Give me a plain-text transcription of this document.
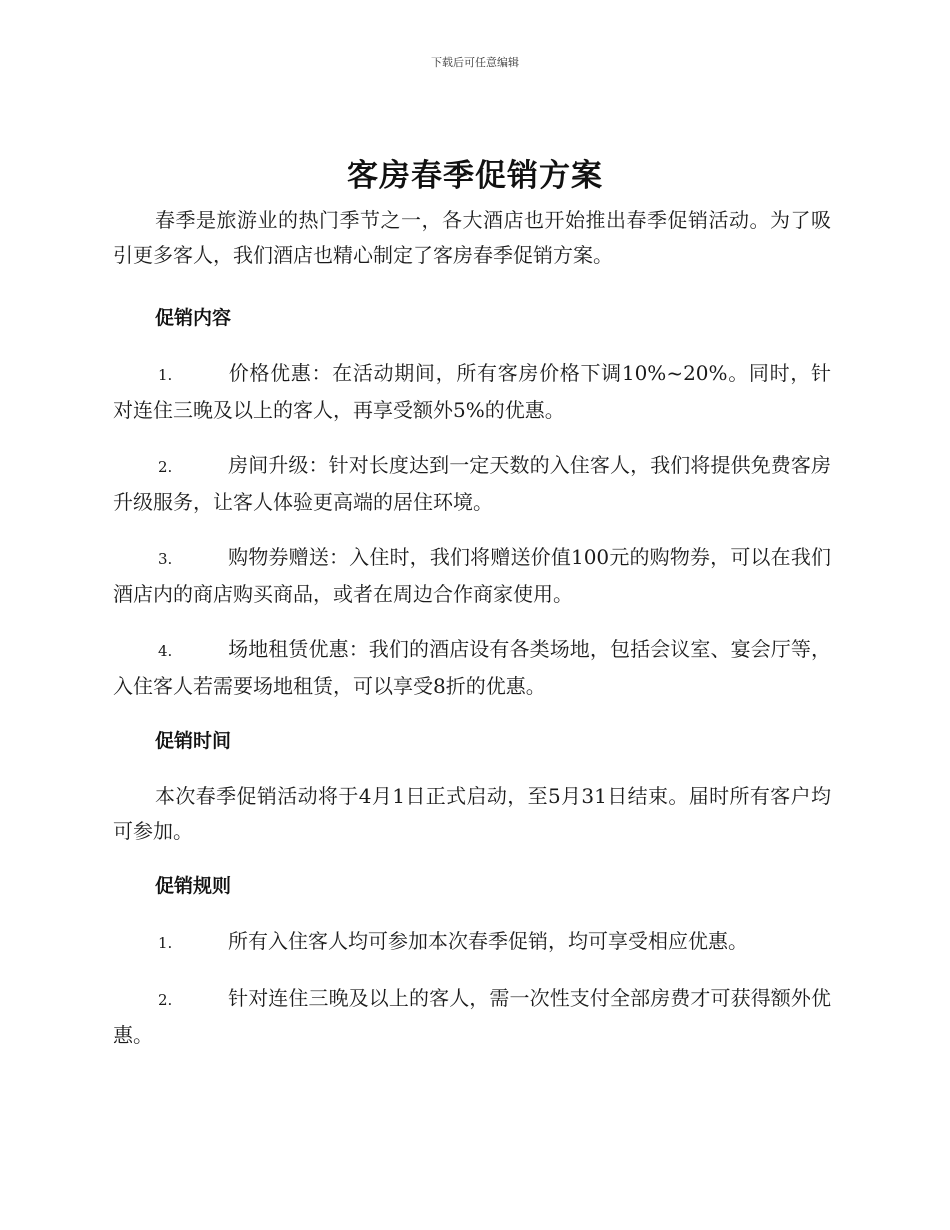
下载后可任意编辑
客房春季促销方案

春季是旅游业的热门季节之一，各大酒店也开始推出春季促销活动。为了吸引更多客人，我们酒店也精心制定了客房春季促销方案。

促销内容
1.	价格优惠：在活动期间，所有客房价格下调10%~20%。同时，针对连住三晚及以上的客人，再享受额外5%的优惠。
2.	房间升级：针对长度达到一定天数的入住客人，我们将提供免费客房升级服务，让客人体验更高端的居住环境。
3.	购物券赠送：入住时，我们将赠送价值100元的购物券，可以在我们酒店内的商店购买商品，或者在周边合作商家使用。
4.	场地租赁优惠：我们的酒店设有各类场地，包括会议室、宴会厅等，入住客人若需要场地租赁，可以享受8折的优惠。
促销时间

本次春季促销活动将于4月1日正式启动，至5月31日结束。届时所有客户均可参加。

促销规则
1.	所有入住客人均可参加本次春季促销，均可享受相应优惠。
2.	针对连住三晚及以上的客人，需一次性支付全部房费才可获得额外优惠。
